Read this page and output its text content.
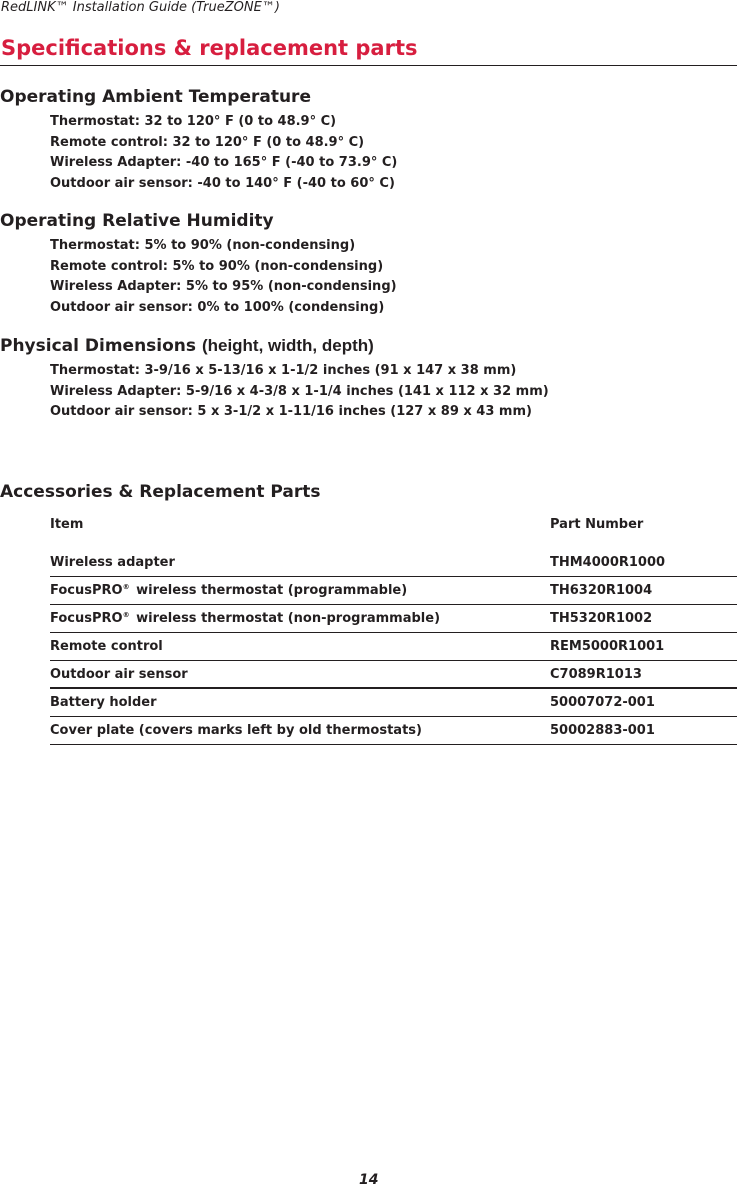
RedLINK™ Installation Guide (TrueZONE™)
Specifications & replacement parts
Operating Ambient Temperature
Thermostat: 32 to 120° F (0 to 48.9° C)
Remote control: 32 to 120° F (0 to 48.9° C)
Wireless Adapter: -40 to 165° F (-40 to 73.9° C)
Outdoor air sensor: -40 to 140° F (-40 to 60° C)
Operating Relative Humidity
Thermostat: 5% to 90% (non-condensing)
Remote control: 5% to 90% (non-condensing)
Wireless Adapter: 5% to 95% (non-condensing)
Outdoor air sensor: 0% to 100% (condensing)
Physical Dimensions (height, width, depth)
Thermostat: 3-9/16 x 5-13/16 x 1-1/2 inches (91 x 147 x 38 mm)
Wireless Adapter: 5-9/16 x 4-3/8 x 1-1/4 inches (141 x 112 x 32 mm)
Outdoor air sensor: 5 x 3-1/2 x 1-11/16 inches (127 x 89 x 43 mm)
Accessories & Replacement Parts
Item	Part Number
Wireless adapter	THM4000R1000
FocusPRO® wireless thermostat (programmable)	TH6320R1004
FocusPRO® wireless thermostat (non-programmable)	TH5320R1002
Remote control	REM5000R1001
Outdoor air sensor	C7089R1013
Battery holder	50007072-001
Cover plate (covers marks left by old thermostats)	50002883-001
14
